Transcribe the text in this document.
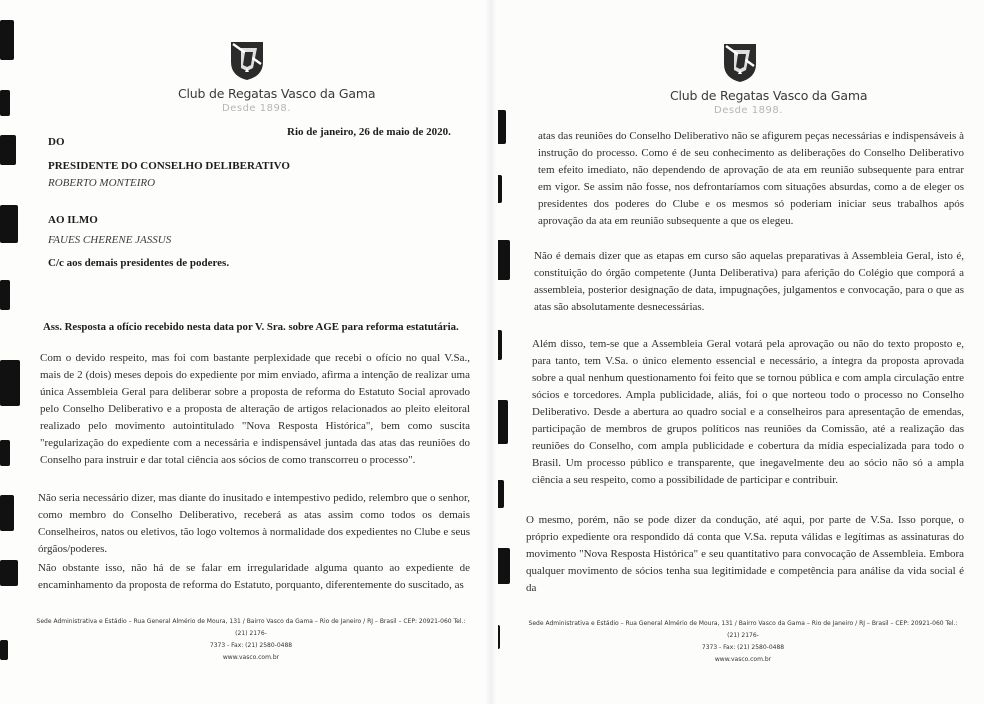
Club de Regatas Vasco da Gama
Desde 1898.
Rio de janeiro, 26 de maio de 2020.
DO
PRESIDENTE DO CONSELHO DELIBERATIVO
ROBERTO MONTEIRO
AO ILMO
FAUES CHERENE JASSUS
C/c aos demais presidentes de poderes.
Ass. Resposta a ofício recebido nesta data por V. Sra. sobre AGE para reforma estatutária.
Com o devido respeito, mas foi com bastante perplexidade que recebi o ofício no qual V.Sa., mais de 2 (dois) meses depois do expediente por mim enviado, afirma a intenção de realizar uma única Assembleia Geral para deliberar sobre a proposta de reforma do Estatuto Social aprovado pelo Conselho Deliberativo e a proposta de alteração de artigos relacionados ao pleito eleitoral realizado pelo movimento autointitulado "Nova Resposta Histórica", bem como suscita "regularização do expediente com a necessária e indispensável juntada das atas das reuniões do Conselho para instruir e dar total ciência aos sócios de como transcorreu o processo".
Não seria necessário dizer, mas diante do inusitado e intempestivo pedido, relembro que o senhor, como membro do Conselho Deliberativo, receberá as atas assim como todos os demais Conselheiros, natos ou eletivos, tão logo voltemos à normalidade dos expedientes no Clube e seus órgãos/poderes.
Não obstante isso, não há de se falar em irregularidade alguma quanto ao expediente de encaminhamento da proposta de reforma do Estatuto, porquanto, diferentemente do suscitado, as
Sede Administrativa e Estádio – Rua General Almério de Moura, 131 / Bairro Vasco da Gama – Rio de Janeiro / RJ – Brasil – CEP: 20921-060 Tel.: (21) 2176-
7373 - Fax: (21) 2580-0488
www.vasco.com.br
Club de Regatas Vasco da Gama
Desde 1898.
atas das reuniões do Conselho Deliberativo não se afigurem peças necessárias e indispensáveis à instrução do processo. Como é de seu conhecimento as deliberações do Conselho Deliberativo tem efeito imediato, não dependendo de aprovação de ata em reunião subsequente para entrar em vigor. Se assim não fosse, nos defrontaríamos com situações absurdas, como a de eleger os presidentes dos poderes do Clube e os mesmos só poderiam iniciar seus trabalhos após aprovação da ata em reunião subsequente a que os elegeu.
Não é demais dizer que as etapas em curso são aquelas preparativas à Assembleia Geral, isto é, constituição do órgão competente (Junta Deliberativa) para aferição do Colégio que comporá a assembleia, posterior designação de data, impugnações, julgamentos e convocação, para o que as atas são absolutamente desnecessárias.
Além disso, tem-se que a Assembleia Geral votará pela aprovação ou não do texto proposto e, para tanto, tem V.Sa. o único elemento essencial e necessário, a íntegra da proposta aprovada sobre a qual nenhum questionamento foi feito que se tornou pública e com ampla circulação entre sócios e torcedores. Ampla publicidade, aliás, foi o que norteou todo o processo no Conselho Deliberativo. Desde a abertura ao quadro social e a conselheiros para apresentação de emendas, participação de membros de grupos políticos nas reuniões da Comissão, até a realização das reuniões do Conselho, com ampla publicidade e cobertura da mídia especializada para todo o Brasil. Um processo público e transparente, que inegavelmente deu ao sócio não só a ampla ciência a seu respeito, como a possibilidade de participar e contribuir.
O mesmo, porém, não se pode dizer da condução, até aqui, por parte de V.Sa. Isso porque, o próprio expediente ora respondido dá conta que V.Sa. reputa válidas e legítimas as assinaturas do movimento "Nova Resposta Histórica" e seu quantitativo para convocação de Assembleia. Embora qualquer movimento de sócios tenha sua legitimidade e competência para análise da vida social é da
Sede Administrativa e Estádio – Rua General Almério de Moura, 131 / Bairro Vasco da Gama – Rio de Janeiro / RJ – Brasil – CEP: 20921-060 Tel.: (21) 2176-
7373 - Fax: (21) 2580-0488
www.vasco.com.br
